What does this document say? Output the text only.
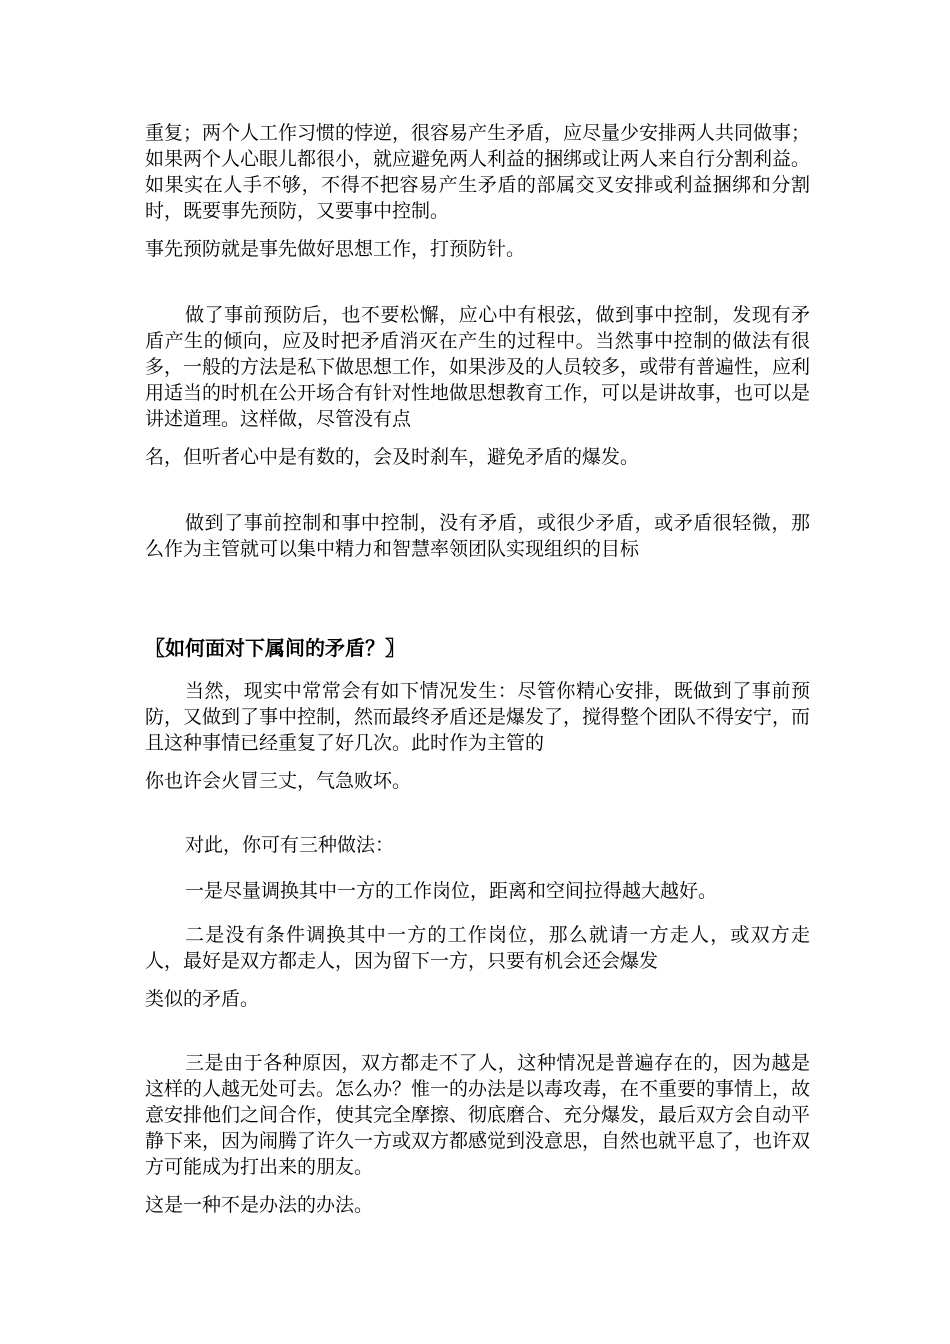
重复；两个人工作习惯的悖逆，很容易产生矛盾，应尽量少安排两人共同做事；如果两个人心眼儿都很小，就应避免两人利益的捆绑或让两人来自行分割利益。如果实在人手不够，不得不把容易产生矛盾的部属交叉安排或利益捆绑和分割时，既要事先预防，又要事中控制。

事先预防就是事先做好思想工作，打预防针。

做了事前预防后，也不要松懈，应心中有根弦，做到事中控制，发现有矛盾产生的倾向，应及时把矛盾消灭在产生的过程中。当然事中控制的做法有很多，一般的方法是私下做思想工作，如果涉及的人员较多，或带有普遍性，应利用适当的时机在公开场合有针对性地做思想教育工作，可以是讲故事，也可以是讲述道理。这样做，尽管没有点

名，但听者心中是有数的，会及时刹车，避免矛盾的爆发。

做到了事前控制和事中控制，没有矛盾，或很少矛盾，或矛盾很轻微，那么作为主管就可以集中精力和智慧率领团队实现组织的目标

〖如何面对下属间的矛盾？〗

当然，现实中常常会有如下情况发生：尽管你精心安排，既做到了事前预防，又做到了事中控制，然而最终矛盾还是爆发了，搅得整个团队不得安宁，而且这种事情已经重复了好几次。此时作为主管的

你也许会火冒三丈，气急败坏。

对此，你可有三种做法：

一是尽量调换其中一方的工作岗位，距离和空间拉得越大越好。

二是没有条件调换其中一方的工作岗位，那么就请一方走人，或双方走人，最好是双方都走人，因为留下一方，只要有机会还会爆发

类似的矛盾。

三是由于各种原因，双方都走不了人，这种情况是普遍存在的，因为越是这样的人越无处可去。怎么办？惟一的办法是以毒攻毒，在不重要的事情上，故意安排他们之间合作，使其完全摩擦、彻底磨合、充分爆发，最后双方会自动平静下来，因为闹腾了许久一方或双方都感觉到没意思，自然也就平息了，也许双方可能成为打出来的朋友。

这是一种不是办法的办法。
